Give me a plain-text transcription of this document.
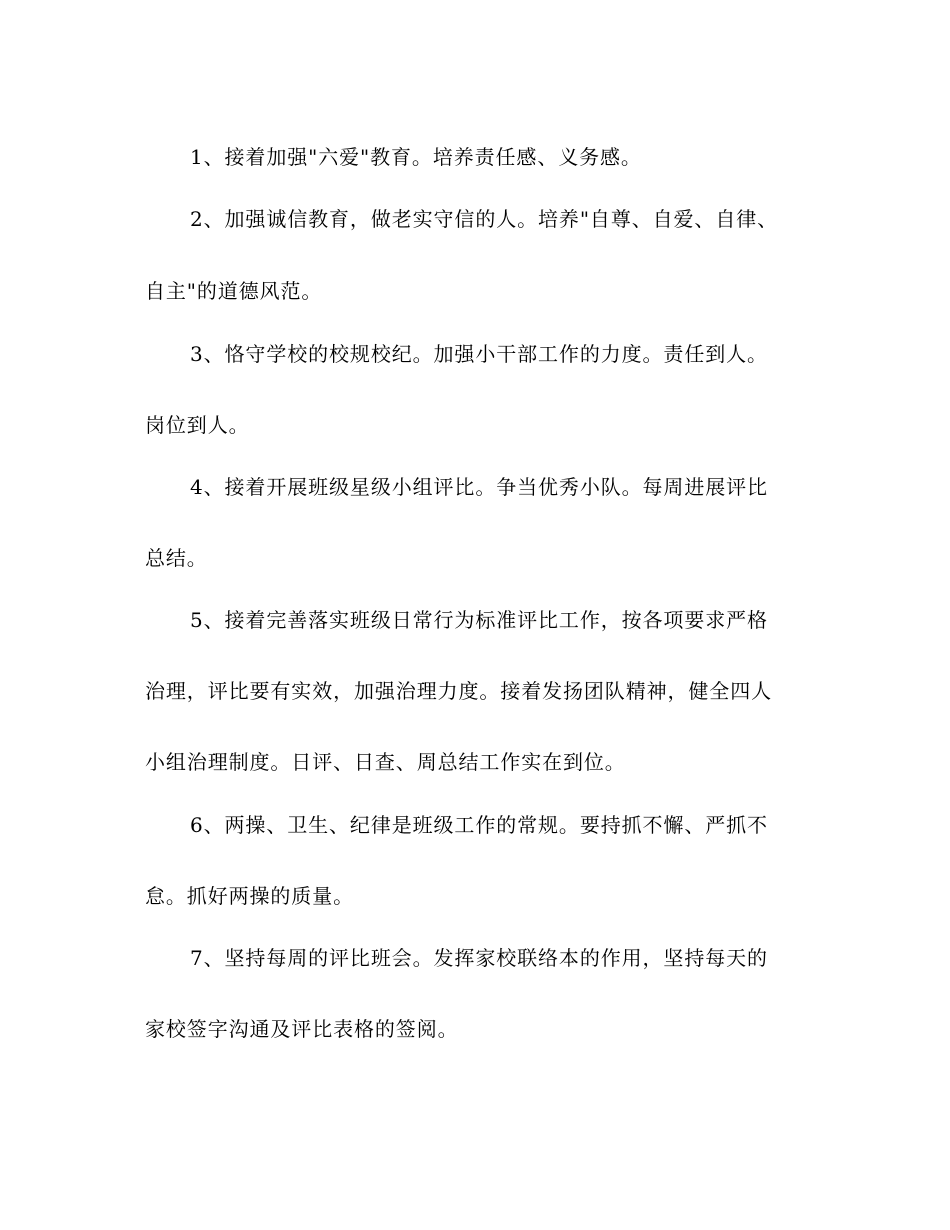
1、接着加强"六爱"教育。培养责任感、义务感。
2、加强诚信教育，做老实守信的人。培养"自尊、自爱、自律、
自主"的道德风范。
3、恪守学校的校规校纪。加强小干部工作的力度。责任到人。
岗位到人。
4、接着开展班级星级小组评比。争当优秀小队。每周进展评比
总结。
5、接着完善落实班级日常行为标准评比工作，按各项要求严格
治理，评比要有实效，加强治理力度。接着发扬团队精神，健全四人
小组治理制度。日评、日查、周总结工作实在到位。
6、两操、卫生、纪律是班级工作的常规。要持抓不懈、严抓不
怠。抓好两操的质量。
7、坚持每周的评比班会。发挥家校联络本的作用，坚持每天的
家校签字沟通及评比表格的签阅。
